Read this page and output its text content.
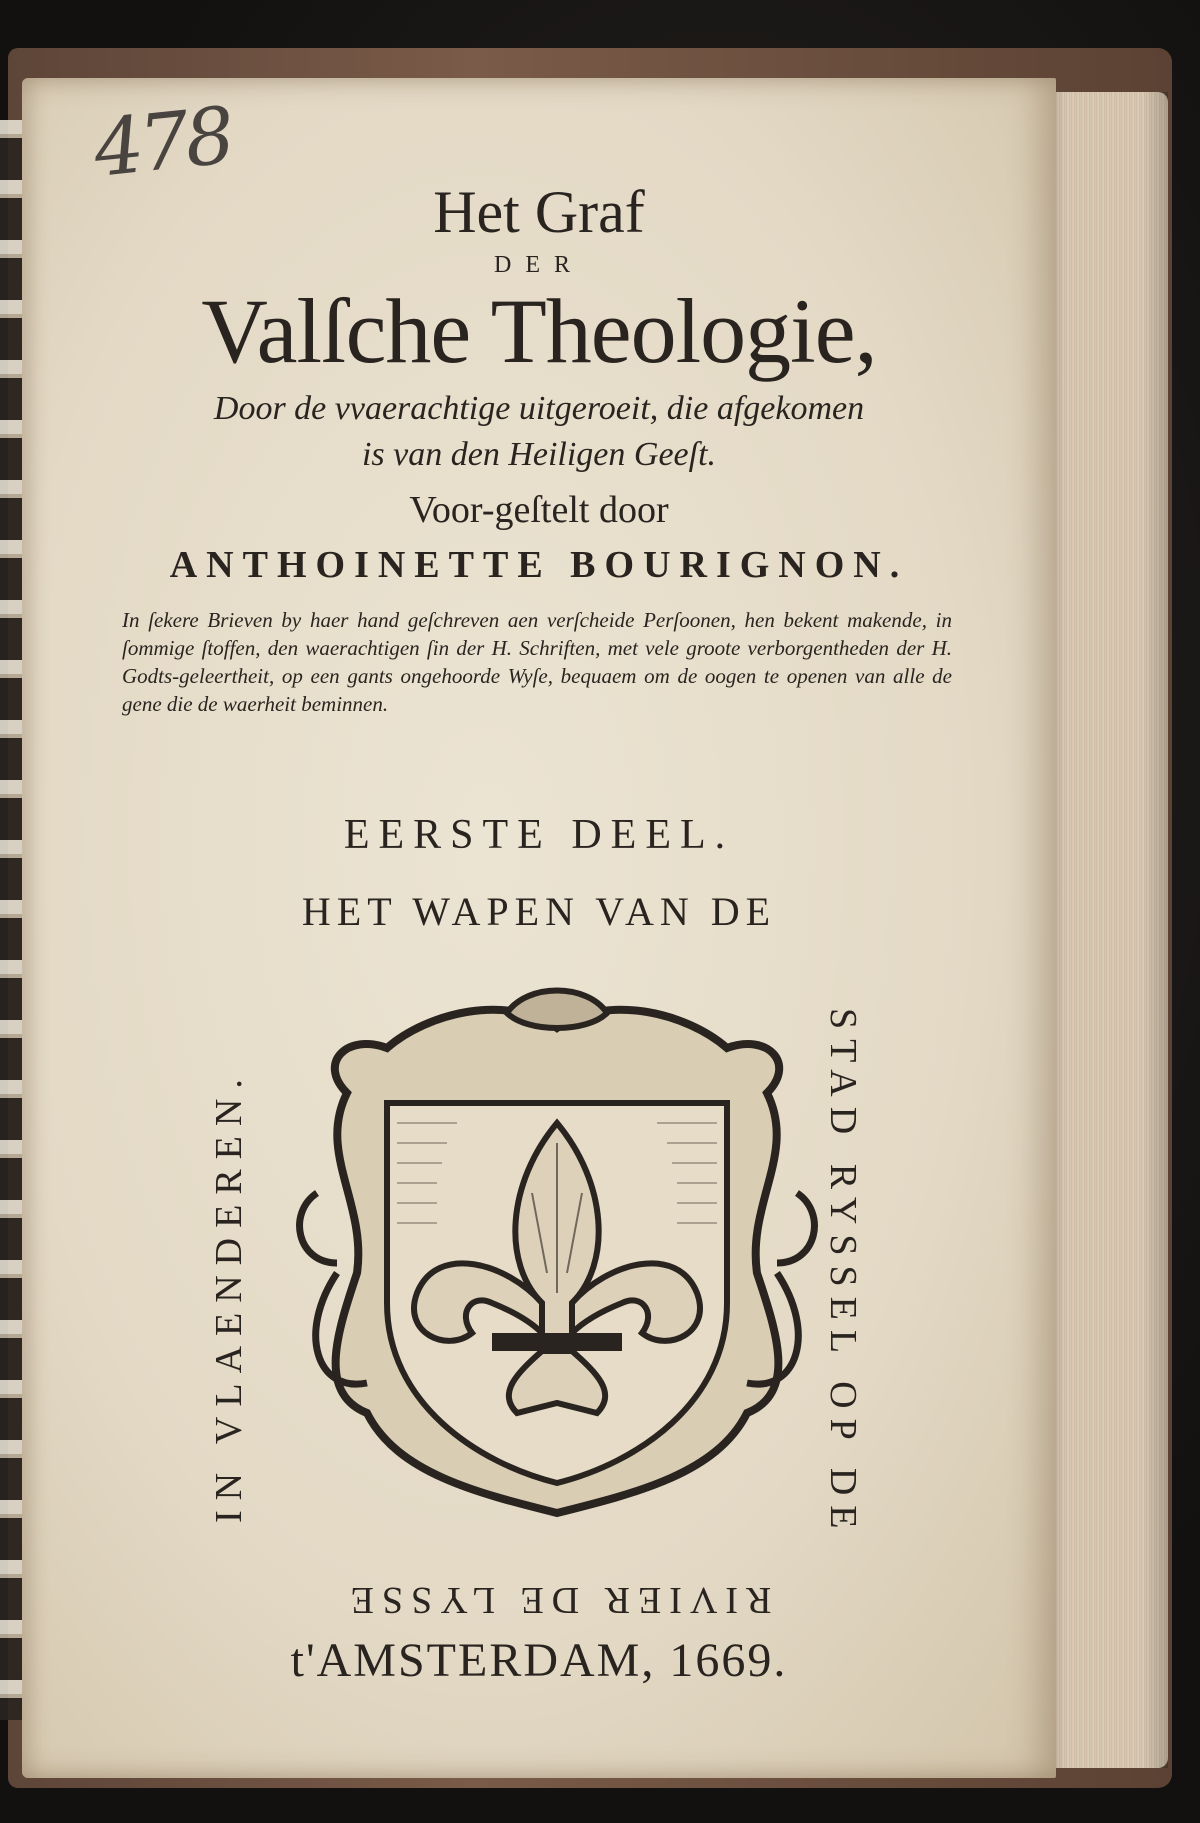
478
Het Graf
DER
Valſche Theologie,
Door de vvaerachtige uitgeroeit, die afgekomen
is van den Heiligen Geeſt.
Voor-geſtelt door
ANTHOINETTE BOURIGNON.
In ſekere Brieven by haer hand geſchreven aen verſcheide Perſoonen, hen bekent makende, in ſommige ſtoffen, den waerachtigen ſin der H. Schriften, met vele groote verborgentheden der H. Godts-geleertheit, op een gants ongehoorde Wyſe, bequaem om de oogen te openen van alle de gene die de waerheit beminnen.
EERSTE DEEL.
HET WAPEN VAN DE
IN VLAENDEREN.	STAD RYSSEL OP DE
RIVIER DE LYSSE
t'AMSTERDAM, 1669.
